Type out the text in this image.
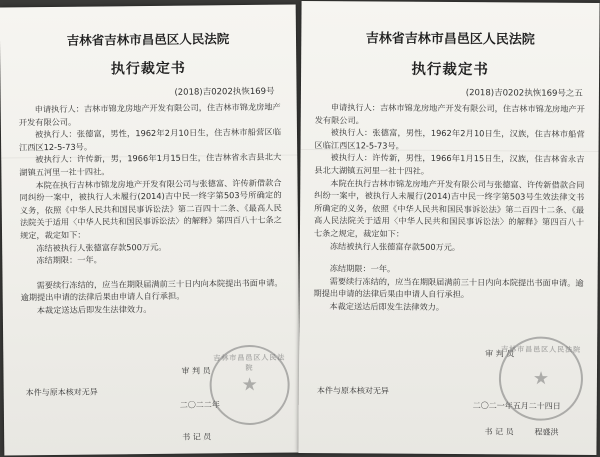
吉林省吉林市昌邑区人民法院
执行裁定书
(2018)吉0202执恢169号

申请执行人：吉林市锦龙房地产开发有限公司，住吉林市锦龙房地产开发有限公司。

被执行人：张德富，男性，1962年2月10日生，住吉林市船营区临江西区12-5-73号。

被执行人：许传新，男，1966年1月15日生，住吉林省永吉县北大湖镇五河里一社十四社。

本院在执行吉林市锦龙房地产开发有限公司与张德富、许传新借款合同纠纷一案中，被执行人未履行(2014)吉中民一终字第503号所确定的义务，依照《中华人民共和国民事诉讼法》第二百四十二条、《最高人民法院关于适用〈中华人民共和国民事诉讼法〉的解释》第四百八十七条之规定，裁定如下：

冻结被执行人张德富存款500万元。

冻结期限：一年。

需要续行冻结的，应当在期限届满前三十日内向本院提出书面申请。逾期提出申请的法律后果由申请人自行承担。

本裁定送达后即发生法律效力。

审 判 员
二〇二二年
本件与原本核对无异
书 记 员
吉林市昌邑区人民法院
★
吉林省吉林市昌邑区人民法院
执行裁定书
(2018)吉0202执恢169号之五

申请执行人：吉林市锦龙房地产开发有限公司，住吉林市锦龙房地产开发有限公司。

被执行人：张德富，男性，1962年2月10日生，汉族，住吉林市船营区临江西区12-5-73号。

被执行人：许传新，男性，1966年1月15日生，汉族，住吉林省永吉县北大湖镇五河里一社十四社。

本院在执行吉林市锦龙房地产开发有限公司与张德富、许传新借款合同纠纷一案中，被执行人未履行(2014)吉中民一终字第503号生效法律文书所确定的义务，依照《中华人民共和国民事诉讼法》第二百四十二条、《最高人民法院关于适用〈中华人民共和国民事诉讼法〉的解释》第四百八十七条之规定，裁定如下：

冻结被执行人张德富存款500万元。

冻结期限：一年。

需要续行冻结的，应当在期限届满前三十日内向本院提出书面申请。逾期提出申请的法律后果由申请人自行承担。

本裁定送达后即发生法律效力。

审 判 员
二〇二一年五月二十四日
本件与原本核对无异
书 记 员	程盛洪
吉林市昌邑区人民法院
★
